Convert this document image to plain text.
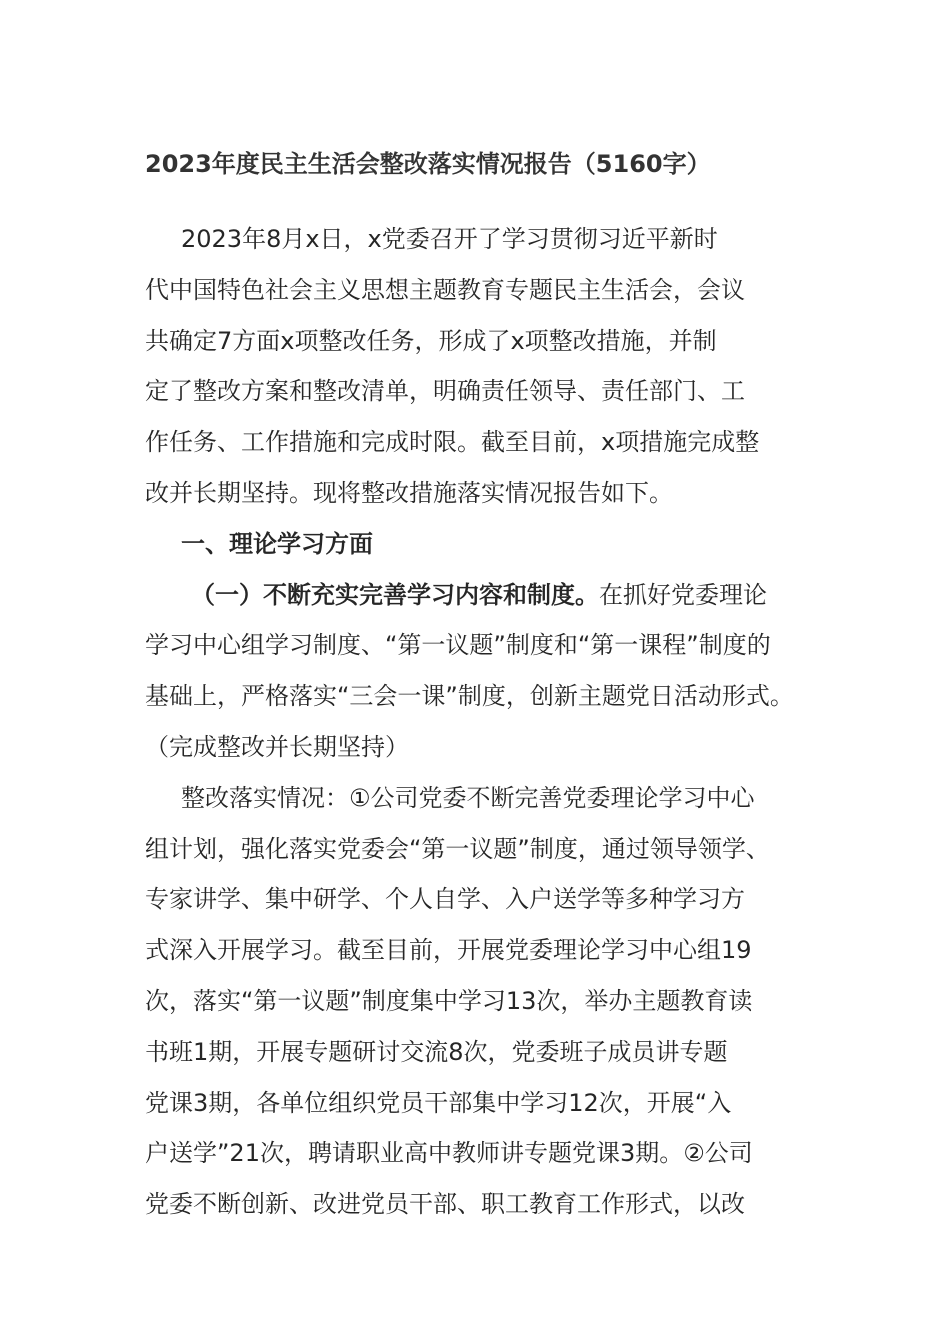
2023年度民主生活会整改落实情况报告（5160字）
2023年8月x日，x党委召开了学习贯彻习近平新时
代中国特色社会主义思想主题教育专题民主生活会，会议
共确定7方面x项整改任务，形成了x项整改措施，并制
定了整改方案和整改清单，明确责任领导、责任部门、工
作任务、工作措施和完成时限。截至目前，x项措施完成整
改并长期坚持。现将整改措施落实情况报告如下。
一、理论学习方面
（一）不断充实完善学习内容和制度。在抓好党委理论
学习中心组学习制度、“第一议题”制度和“第一课程”制度的
基础上，严格落实“三会一课”制度，创新主题党日活动形式。
（完成整改并长期坚持）
整改落实情况：①公司党委不断完善党委理论学习中心
组计划，强化落实党委会“第一议题”制度，通过领导领学、
专家讲学、集中研学、个人自学、入户送学等多种学习方
式深入开展学习。截至目前，开展党委理论学习中心组19
次，落实“第一议题”制度集中学习13次，举办主题教育读
书班1期，开展专题研讨交流8次，党委班子成员讲专题
党课3期，各单位组织党员干部集中学习12次，开展“入
户送学”21次，聘请职业高中教师讲专题党课3期。②公司
党委不断创新、改进党员干部、职工教育工作形式，以改
